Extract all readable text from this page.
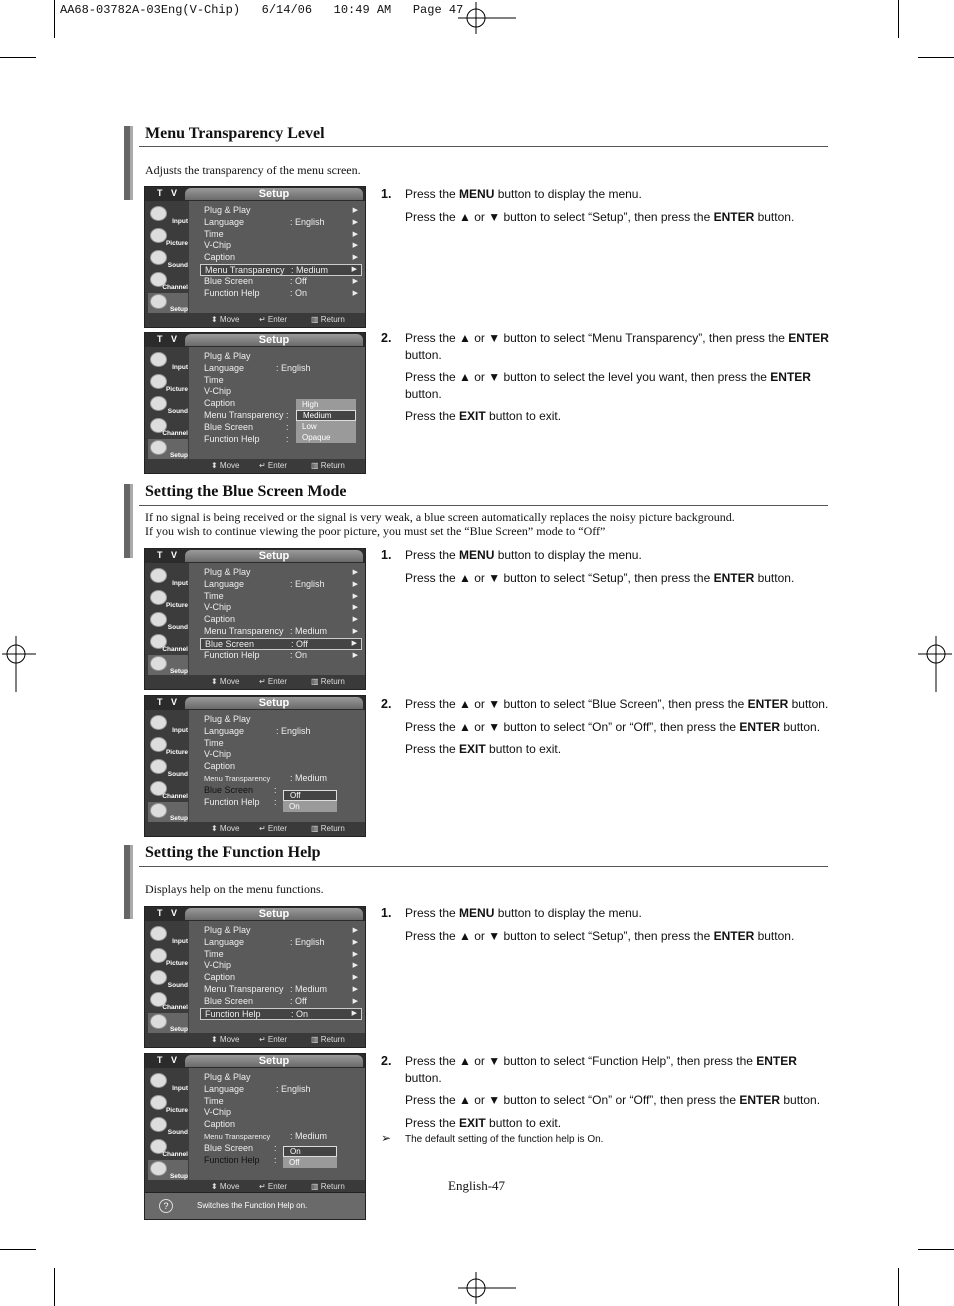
AA68-03782A-03Eng(V-Chip)   6/14/06   10:49 AM   Page 47
Menu Transparency Level
Adjusts the transparency of the menu screen.
T V	Setup
Input
Picture
Sound
Channel
Setup
Plug & Play	▶
Language	: English	▶
Time	▶
V-Chip	▶
Caption	▶
Menu Transparency : Medium	▶
Blue Screen	: Off	▶
Function Help	: On	▶
⬍ Move ↵ Enter	▥ Return
T V	Setup
Input
Picture
Sound
Channel
Setup
Plug & Play
Language	: English
Time
V-Chip
Caption
Menu Transparency :
Blue Screen	:
Function Help	:
High
Medium
Low
Opaque
⬍ Move ↵ Enter	▥ Return
1. Press the MENU button to display the menu.

Press the ▲ or ▼ button to select “Setup”, then press the ENTER button.

2. Press the ▲ or ▼ button to select “Menu Transparency”, then press the ENTER button.

Press the ▲ or ▼ button to select the level you want, then press the ENTER button.

Press the EXIT button to exit.

Setting the Blue Screen Mode
If no signal is being received or the signal is very weak, a blue screen automatically replaces the noisy picture background.
If you wish to continue viewing the poor picture, you must set the “Blue Screen” mode to “Off”
T V	Setup
Input
Picture
Sound
Channel
Setup
Plug & Play	▶
Language	: English	▶
Time	▶
V-Chip	▶
Caption	▶
Menu Transparency : Medium	▶
Blue Screen	: Off	▶
Function Help	: On	▶
⬍ Move ↵ Enter	▥ Return
T V	Setup
Input
Picture
Sound
Channel
Setup
Plug & Play
Language	: English
Time
V-Chip
Caption
Menu Transparency : Medium
Blue Screen :
Function Help :
Off
On
⬍ Move ↵ Enter	▥ Return
1. Press the MENU button to display the menu.

Press the ▲ or ▼ button to select “Setup”, then press the ENTER button.

2. Press the ▲ or ▼ button to select “Blue Screen”, then press the ENTER button.

Press the ▲ or ▼ button to select “On” or “Off”, then press the ENTER button.

Press the EXIT button to exit.

Setting the Function Help
Displays help on the menu functions.
T V	Setup
Input
Picture
Sound
Channel
Setup
Plug & Play	▶
Language	: English	▶
Time	▶
V-Chip	▶
Caption	▶
Menu Transparency : Medium	▶
Blue Screen	: Off	▶
Function Help	: On	▶
⬍ Move ↵ Enter	▥ Return
T V	Setup
Input
Picture
Sound
Channel
Setup
Plug & Play
Language	: English
Time
V-Chip
Caption
Menu Transparency : Medium
Blue Screen :
Function Help :
On
Off
⬍ Move ↵ Enter	▥ Return
?	Switches the Function Help on.
1. Press the MENU button to display the menu.

Press the ▲ or ▼ button to select “Setup”, then press the ENTER button.

2. Press the ▲ or ▼ button to select “Function Help”, then press the ENTER button.

Press the ▲ or ▼ button to select “On” or “Off”, then press the ENTER button.

Press the EXIT button to exit.

➢ The default setting of the function help is On.
English-47
